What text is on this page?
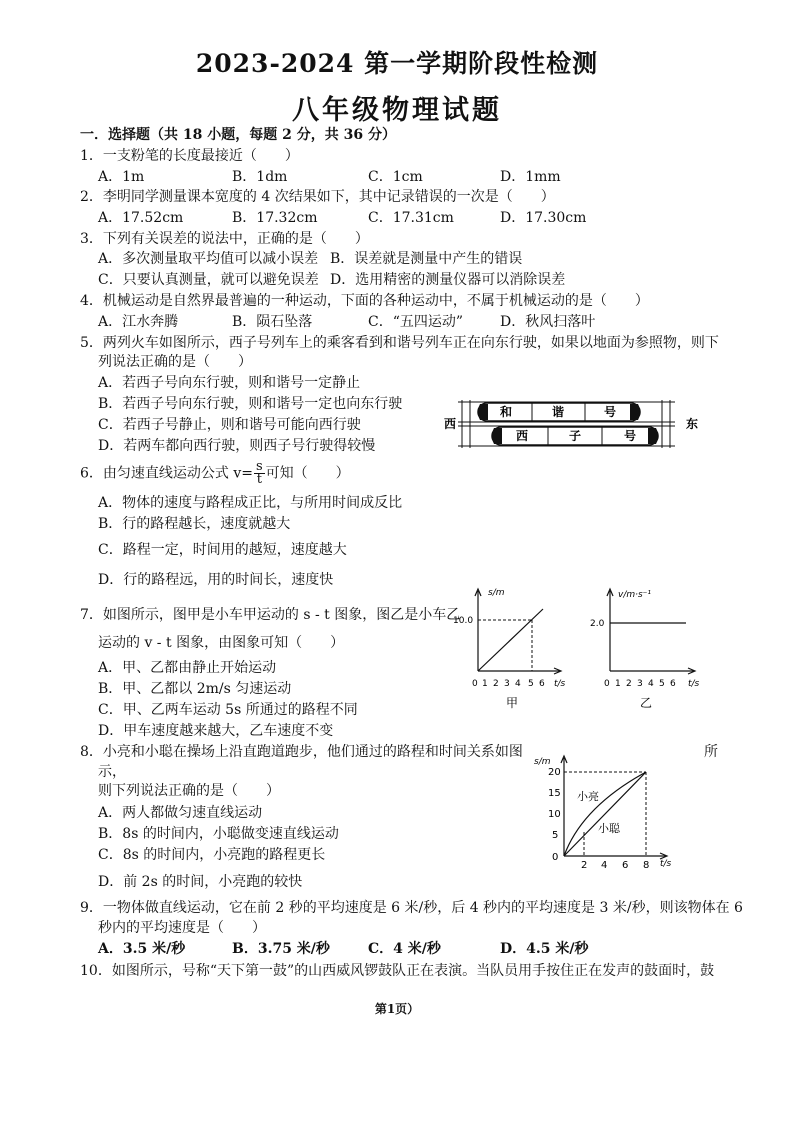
2023-2024 第一学期阶段性检测
八年级物理试题
一．选择题（共 18 小题，每题 2 分，共 36 分）
1．一支粉笔的长度最接近（　　）
A．1m	B．1dm	C．1cm	D．1mm
2．李明同学测量课本宽度的 4 次结果如下，其中记录错误的一次是（　　）
A．17.52cm	B．17.32cm	C．17.31cm	D．17.30cm
3．下列有关误差的说法中，正确的是（　　）
A．多次测量取平均值可以减小误差 B．误差就是测量中产生的错误
C．只要认真测量，就可以避免误差 D．选用精密的测量仪器可以消除误差
4．机械运动是自然界最普遍的一种运动，下面的各种运动中，不属于机械运动的是（　　）
A．江水奔腾	B．陨石坠落	C．“五四运动”	D．秋风扫落叶
5．两列火车如图所示，西子号列车上的乘客看到和谐号列车正在向东行驶，如果以地面为参照物，则下
列说法正确的是（　　）
A．若西子号向东行驶，则和谐号一定静止
B．若西子号向东行驶，则和谐号一定也向东行驶
C．若西子号静止，则和谐号可能向西行驶
D．若两车都向西行驶，则西子号行驶得较慢
和	谐	号
西	子	号
西	东
6．由匀速直线运动公式 $v= \frac{s}{t}$ 可知（　　）
A．物体的速度与路程成正比，与所用时间成反比
B．行的路程越长，速度就越大
C．路程一定，时间用的越短，速度越大
D．行的路程远，用的时间长，速度快
7．如图所示，图甲是小车甲运动的 s - t 图象，图乙是小车乙
运动的 v - t 图象，由图象可知（　　）
A．甲、乙都由静止开始运动
B．甲、乙都以 2m/s 匀速运动
C．甲、乙两车运动 5s 所通过的路程不同
D．甲车速度越来越大，乙车速度不变
s/m
10.0
0 1 2 3 4 5 6 t/s
甲
v/m·s⁻¹
2.0
0 1 2 3 4 5 6 t/s
乙
8．小亮和小聪在操场上沿直跑道跑步，他们通过的路程和时间关系如图	所
示，
则下列说法正确的是（　　）
A．两人都做匀速直线运动
B．8s 的时间内，小聪做变速直线运动
C．8s 的时间内，小亮跑的路程更长
D．前 2s 的时间，小亮跑的较快
s/m
20
15
10
5
0
2 4 6 8 t/s
小亮
小聪
9．一物体做直线运动，它在前 2 秒的平均速度是 6 米/秒，后 4 秒内的平均速度是 3 米/秒，则该物体在 6
秒内的平均速度是（　　）
A．3.5 米/秒	B．3.75 米/秒	C．4 米/秒	D．4.5 米/秒
10．如图所示，号称“天下第一鼓”的山西威风锣鼓队正在表演。当队员用手按住正在发声的鼓面时，鼓
第1页）
